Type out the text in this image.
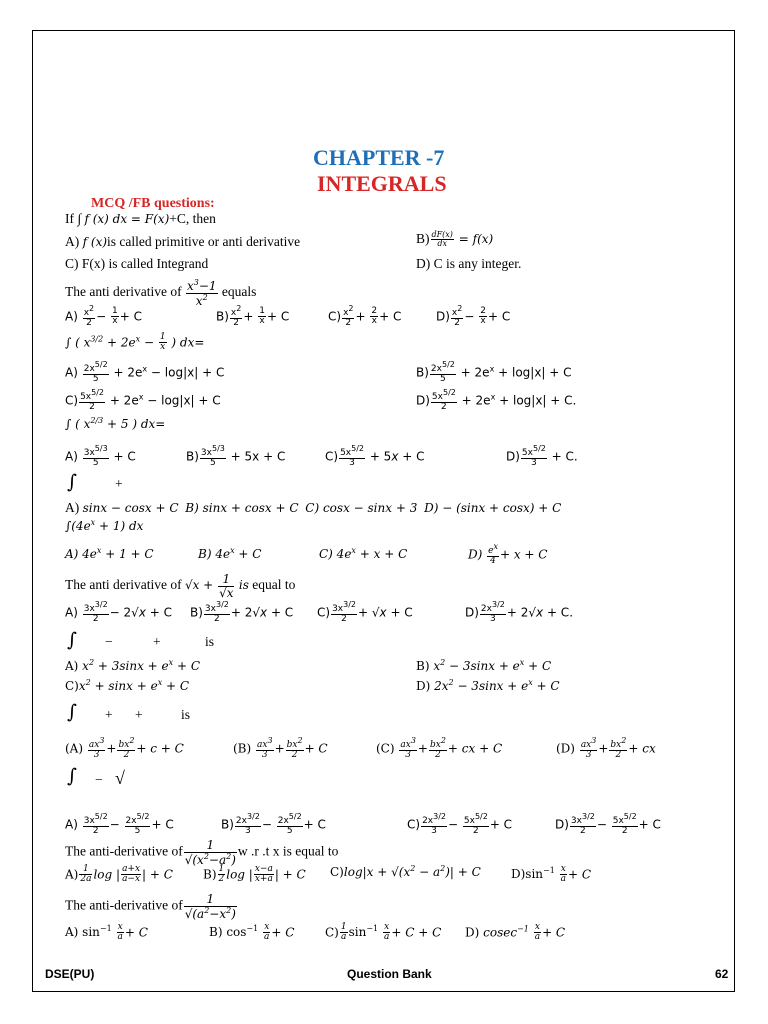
CHAPTER -7
INTEGRALS
MCQ /FB questions:
If ∫ f (x) dx = F(x)+C, then
A) f (x)is called primitive or anti derivative	$B) \frac{dF(x)}{dx} = f(x)$
C) F(x) is called Integrand	D) C is any integer.
The anti derivative of $\frac{x^3-1}{x^2}$ equals
$A) \frac{x^2}{2} - \frac{1}{x} + C$	$B) \frac{x^2}{2} + \frac{1}{x} + C$	$C) \frac{x^2}{2} + \frac{2}{x} + C$	$D) \frac{x^2}{2} - \frac{2}{x} + C$
∫ ( $x^{3/2} + 2e^x - \frac{1}{x}$ ) dx=
$A) \frac{2x^{5/2}}{5} + 2e^x - \log|x| + C$	$B) \frac{2x^{5/2}}{5} + 2e^x + \log|x| + C$
$C) \frac{5x^{5/2}}{2} + 2e^x - \log|x| + C$	$D) \frac{5x^{5/2}}{2} + 2e^x + \log|x| + C$.
∫ ( $x^{2/3} + 5$ ) dx=
$A) \frac{3x^{5/3}}{5} + C$	$B) \frac{3x^{5/3}}{5} + 5x + C$	$C) \frac{5x^{5/2}}{3} + 5x + C$	$D) \frac{5x^{5/2}}{3} + C$.
∫	+
A) sinx − cosx + C B) sinx + cosx + C C) cosx − sinx + 3 D) − (sinx + cosx) + C
$\int(4e^x + 1)$ dx
A) $4e^x + 1 + C$	B) $4e^x + C$	C) $4e^x + x + C$	$D) \frac{e^x}{4} + x + C$
The anti derivative of $√x + \frac{1}{√x}$ is equal to
$A) \frac{3x^{3/2}}{2} - 2√x + C$ $B) \frac{3x^{3/2}}{2} + 2√x + C$ $C) \frac{3x^{3/2}}{2} + √x + C$	$D) \frac{2x^{3/2}}{3} + 2√x + C$.
∫ −	+	is
A) $x^2 + 3\sin x + e^x + C$	B) $x^2 - 3\sin x + e^x + C$
$C)x^2 + \sin x + e^x + C$	D) $2x^2 - 3\sin x + e^x + C$
∫ + +	is
$(A) \frac{ax^3}{3} + \frac{bx^2}{2} + c + C$	$(B) \frac{ax^3}{3} + \frac{bx^2}{2} + C$	$(C) \frac{ax^3}{3} + \frac{bx^2}{2}$ + cx + C	$(D) \frac{ax^3}{3} + \frac{bx^2}{2}$ + cx
∫ − √
$A) \frac{3x^{5/2}}{2} - \frac{2x^{5/2}}{5} + C$	$B) \frac{2x^{3/2}}{3} - \frac{2x^{5/2}}{5} + C$	$C) \frac{2x^{3/2}}{3} - \frac{5x^{5/2}}{2} + C$	$D) \frac{3x^{3/2}}{2} - \frac{5x^{5/2}}{2} + C$
The anti-derivative of $\frac{1}{√(x^2-a^2)}$ w .r .t x is equal to
$A) \frac{1}{2a}$ log | $\frac{a+x}{a-x}$ | + C	$B) \frac{1}{2}$ log | $\frac{x-a}{x+a}$ | + C $C)\log|x + √(x^2 - a^2)| + C$	$D)\sin^{-1} \frac{x}{a} + C$
The anti-derivative of $\frac{1}{√(a^2-x^2)}$
A) $\sin^{-1} \frac{x}{a} + C$	B) $\cos^{-1} \frac{x}{a} + C$	$C) \frac{1}{a} \sin^{-1} \frac{x}{a} + C + C$ D) $cosec^{-1} \frac{x}{a} + C$
DSE(PU)	Question Bank	62
